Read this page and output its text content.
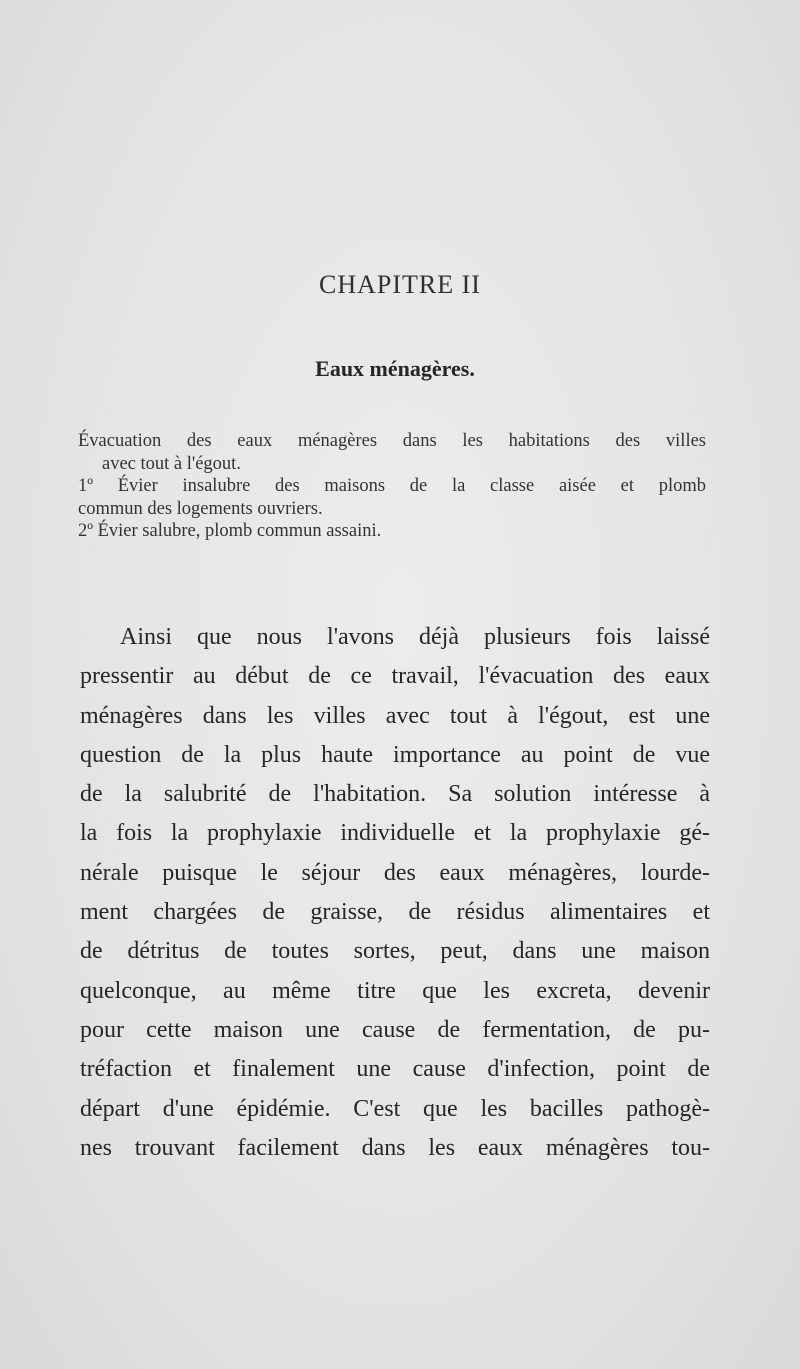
CHAPITRE II
Eaux ménagères.

Évacuation des eaux ménagères dans les habitations des villes
avec tout à l'égout.

1º Évier insalubre des maisons de la classe aisée et plomb
commun des logements ouvriers.

2º Évier salubre, plomb commun assaini.

Ainsi que nous l'avons déjà plusieurs fois laissé
pressentir au début de ce travail, l'évacuation des eaux
ménagères dans les villes avec tout à l'égout, est une
question de la plus haute importance au point de vue
de la salubrité de l'habitation. Sa solution intéresse à
la fois la prophylaxie individuelle et la prophylaxie gé-
nérale puisque le séjour des eaux ménagères, lourde-
ment chargées de graisse, de résidus alimentaires et
de détritus de toutes sortes, peut, dans une maison
quelconque, au même titre que les excreta, devenir
pour cette maison une cause de fermentation, de pu-
tréfaction et finalement une cause d'infection, point de
départ d'une épidémie. C'est que les bacilles pathogè-
nes trouvant facilement dans les eaux ménagères tou-
